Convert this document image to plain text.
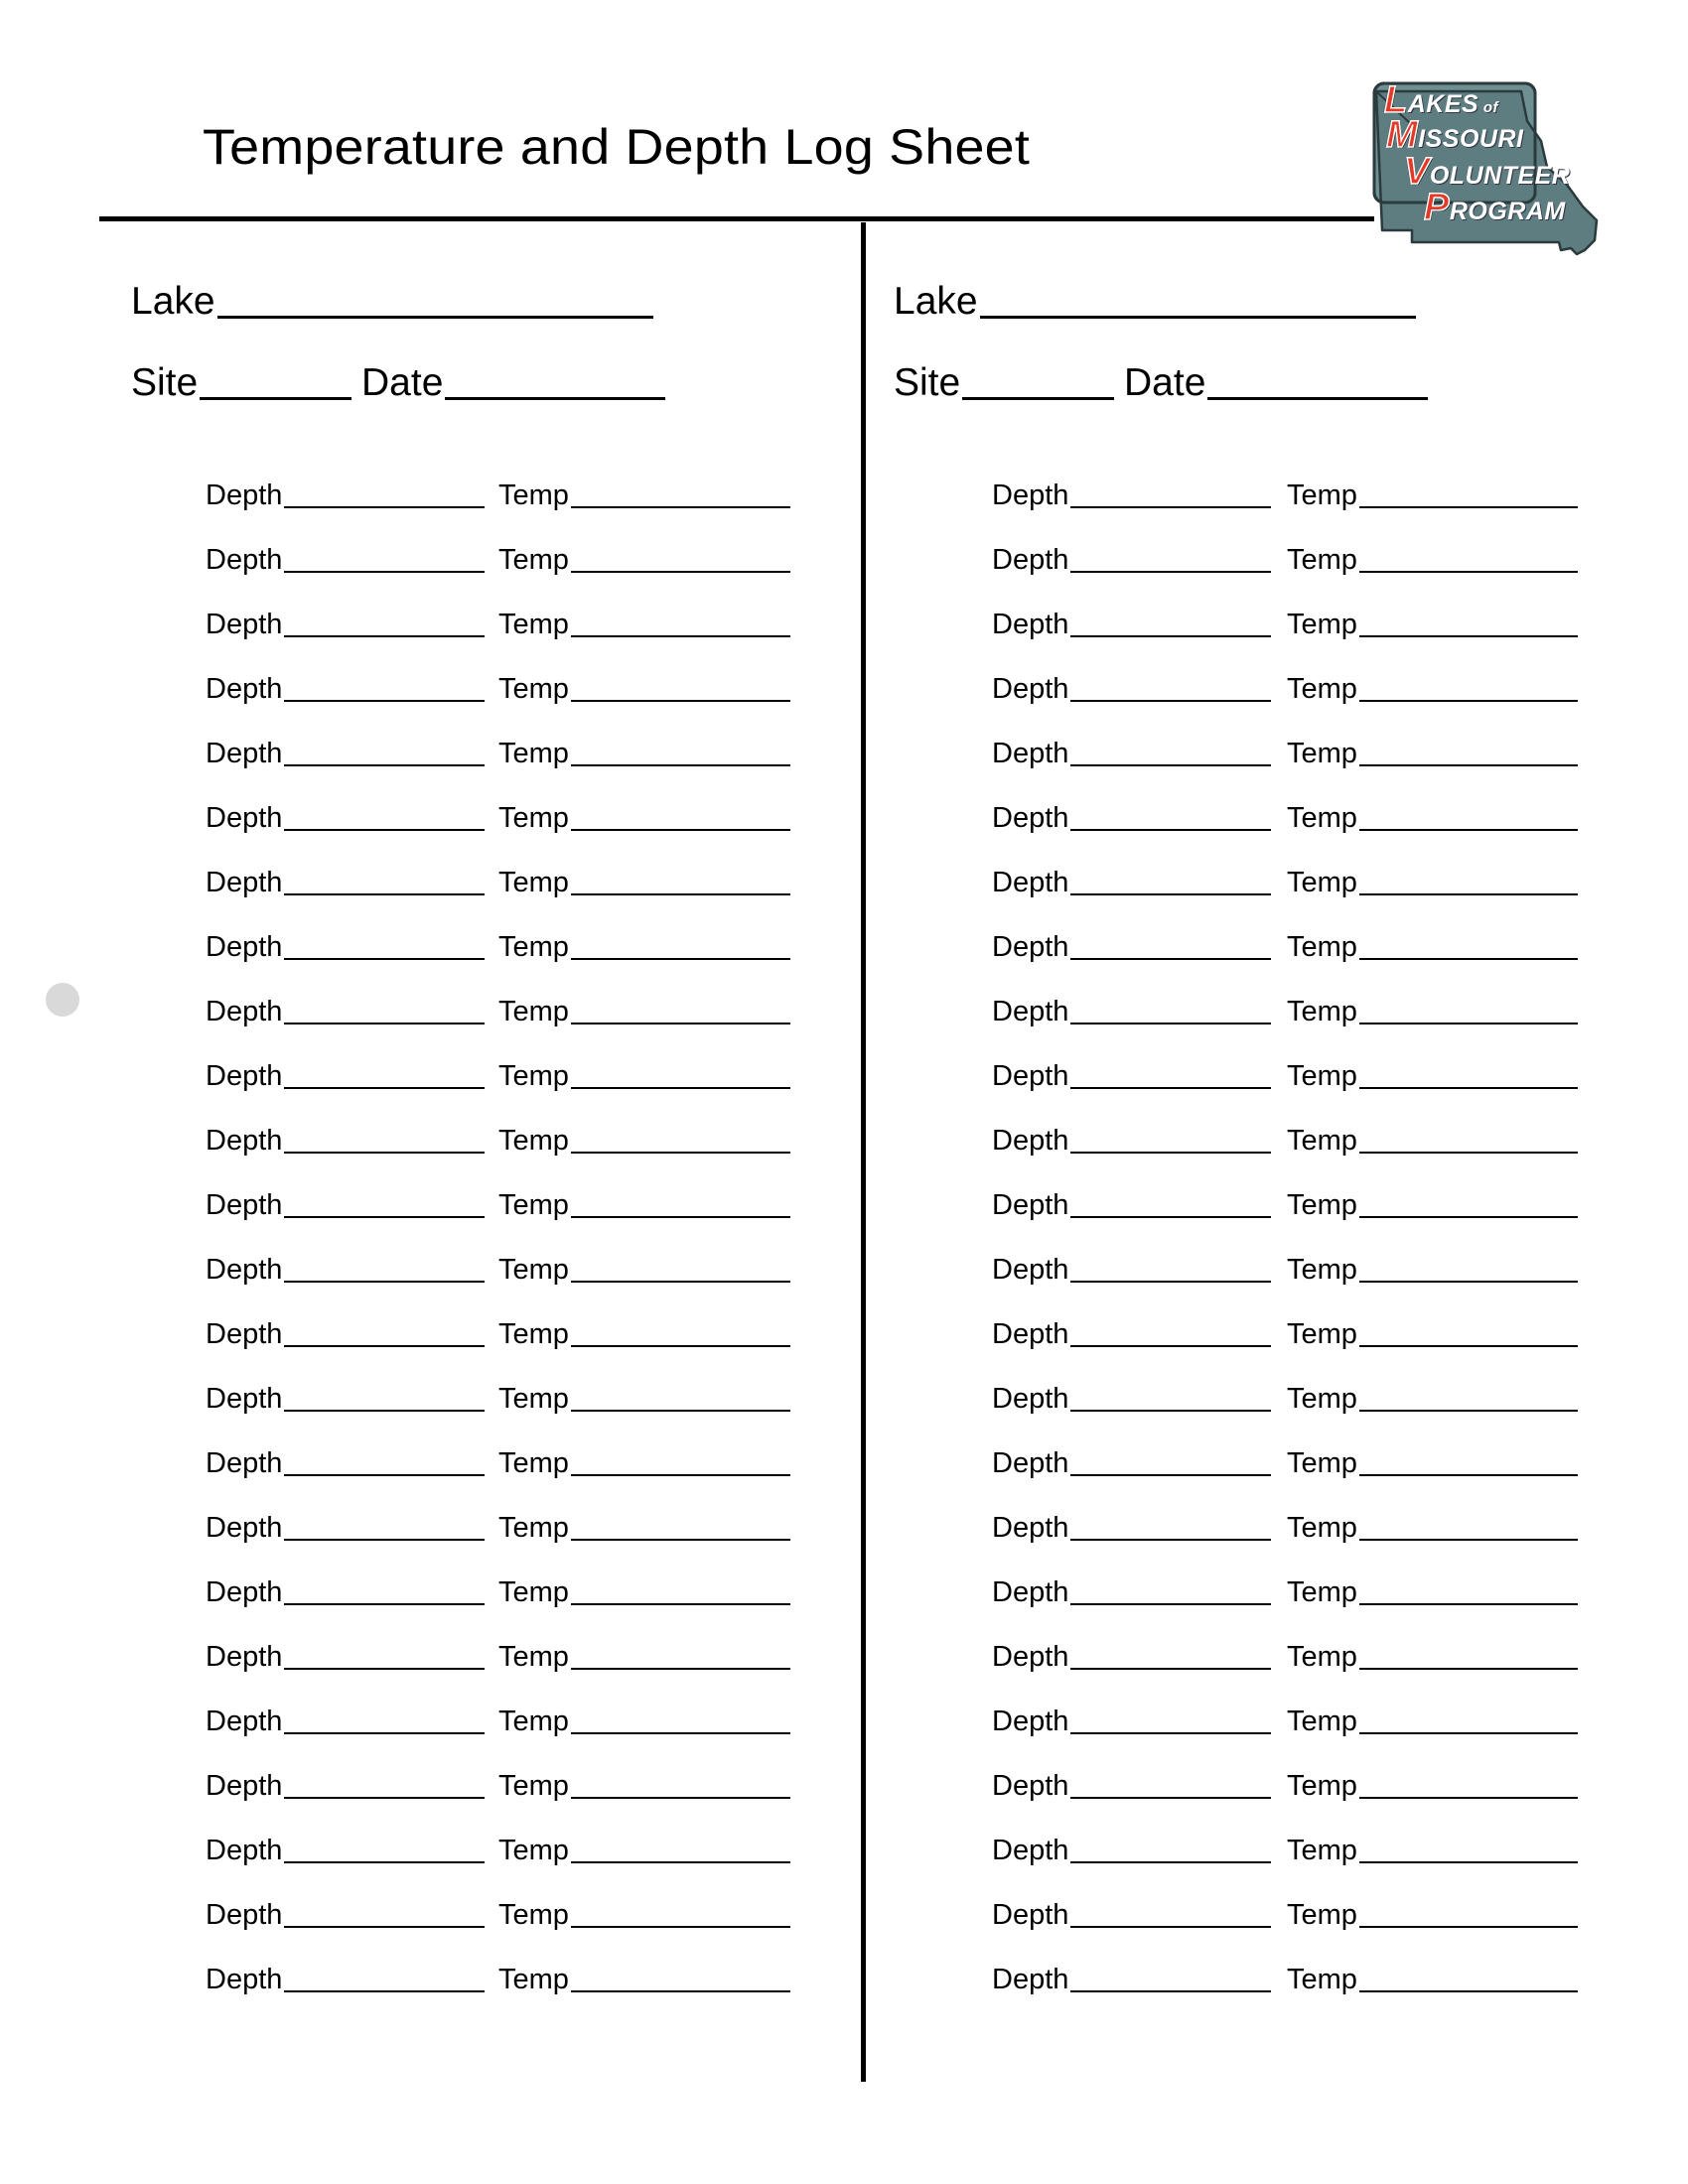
Temperature and Depth Log Sheet
LAKES of
MISSOURI
VOLUNTEER
PROGRAM
Lake
Site	Date
Lake
Site	Date
Depth	Temp
Depth	Temp
Depth	Temp
Depth	Temp
Depth	Temp
Depth	Temp
Depth	Temp
Depth	Temp
Depth	Temp
Depth	Temp
Depth	Temp
Depth	Temp
Depth	Temp
Depth	Temp
Depth	Temp
Depth	Temp
Depth	Temp
Depth	Temp
Depth	Temp
Depth	Temp
Depth	Temp
Depth	Temp
Depth	Temp
Depth	Temp
Depth	Temp
Depth	Temp
Depth	Temp
Depth	Temp
Depth	Temp
Depth	Temp
Depth	Temp
Depth	Temp
Depth	Temp
Depth	Temp
Depth	Temp
Depth	Temp
Depth	Temp
Depth	Temp
Depth	Temp
Depth	Temp
Depth	Temp
Depth	Temp
Depth	Temp
Depth	Temp
Depth	Temp
Depth	Temp
Depth	Temp
Depth	Temp
